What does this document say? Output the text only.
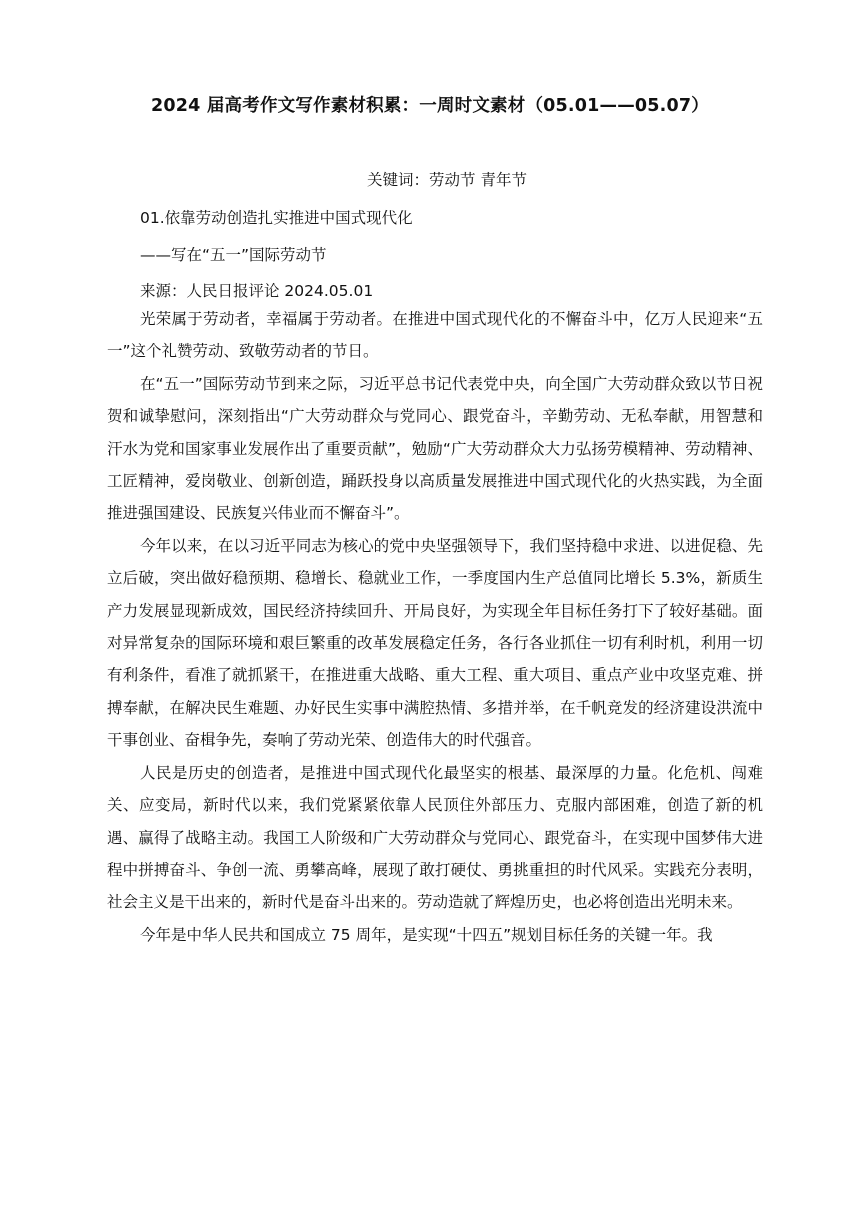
2024 届高考作文写作素材积累：一周时文素材（05.01——05.07）
关键词：劳动节 青年节
01.依靠劳动创造扎实推进中国式现代化
——写在“五一”国际劳动节
来源：人民日报评论 2024.05.01

光荣属于劳动者，幸福属于劳动者。在推进中国式现代化的不懈奋斗中，亿万人民迎来“五一”这个礼赞劳动、致敬劳动者的节日。

在“五一”国际劳动节到来之际，习近平总书记代表党中央，向全国广大劳动群众致以节日祝贺和诚挚慰问，深刻指出“广大劳动群众与党同心、跟党奋斗，辛勤劳动、无私奉献，用智慧和汗水为党和国家事业发展作出了重要贡献”，勉励“广大劳动群众大力弘扬劳模精神、劳动精神、工匠精神，爱岗敬业、创新创造，踊跃投身以高质量发展推进中国式现代化的火热实践，为全面推进强国建设、民族复兴伟业而不懈奋斗”。

今年以来，在以习近平同志为核心的党中央坚强领导下，我们坚持稳中求进、以进促稳、先立后破，突出做好稳预期、稳增长、稳就业工作，一季度国内生产总值同比增长 5.3%，新质生产力发展显现新成效，国民经济持续回升、开局良好，为实现全年目标任务打下了较好基础。面对异常复杂的国际环境和艰巨繁重的改革发展稳定任务，各行各业抓住一切有利时机，利用一切有利条件，看准了就抓紧干，在推进重大战略、重大工程、重大项目、重点产业中攻坚克难、拼搏奉献，在解决民生难题、办好民生实事中满腔热情、多措并举，在千帆竞发的经济建设洪流中干事创业、奋楫争先，奏响了劳动光荣、创造伟大的时代强音。

人民是历史的创造者，是推进中国式现代化最坚实的根基、最深厚的力量。化危机、闯难关、应变局，新时代以来，我们党紧紧依靠人民顶住外部压力、克服内部困难，创造了新的机遇、赢得了战略主动。我国工人阶级和广大劳动群众与党同心、跟党奋斗，在实现中国梦伟大进程中拼搏奋斗、争创一流、勇攀高峰，展现了敢打硬仗、勇挑重担的时代风采。实践充分表明，社会主义是干出来的，新时代是奋斗出来的。劳动造就了辉煌历史，也必将创造出光明未来。

今年是中华人民共和国成立 75 周年，是实现“十四五”规划目标任务的关键一年。我
